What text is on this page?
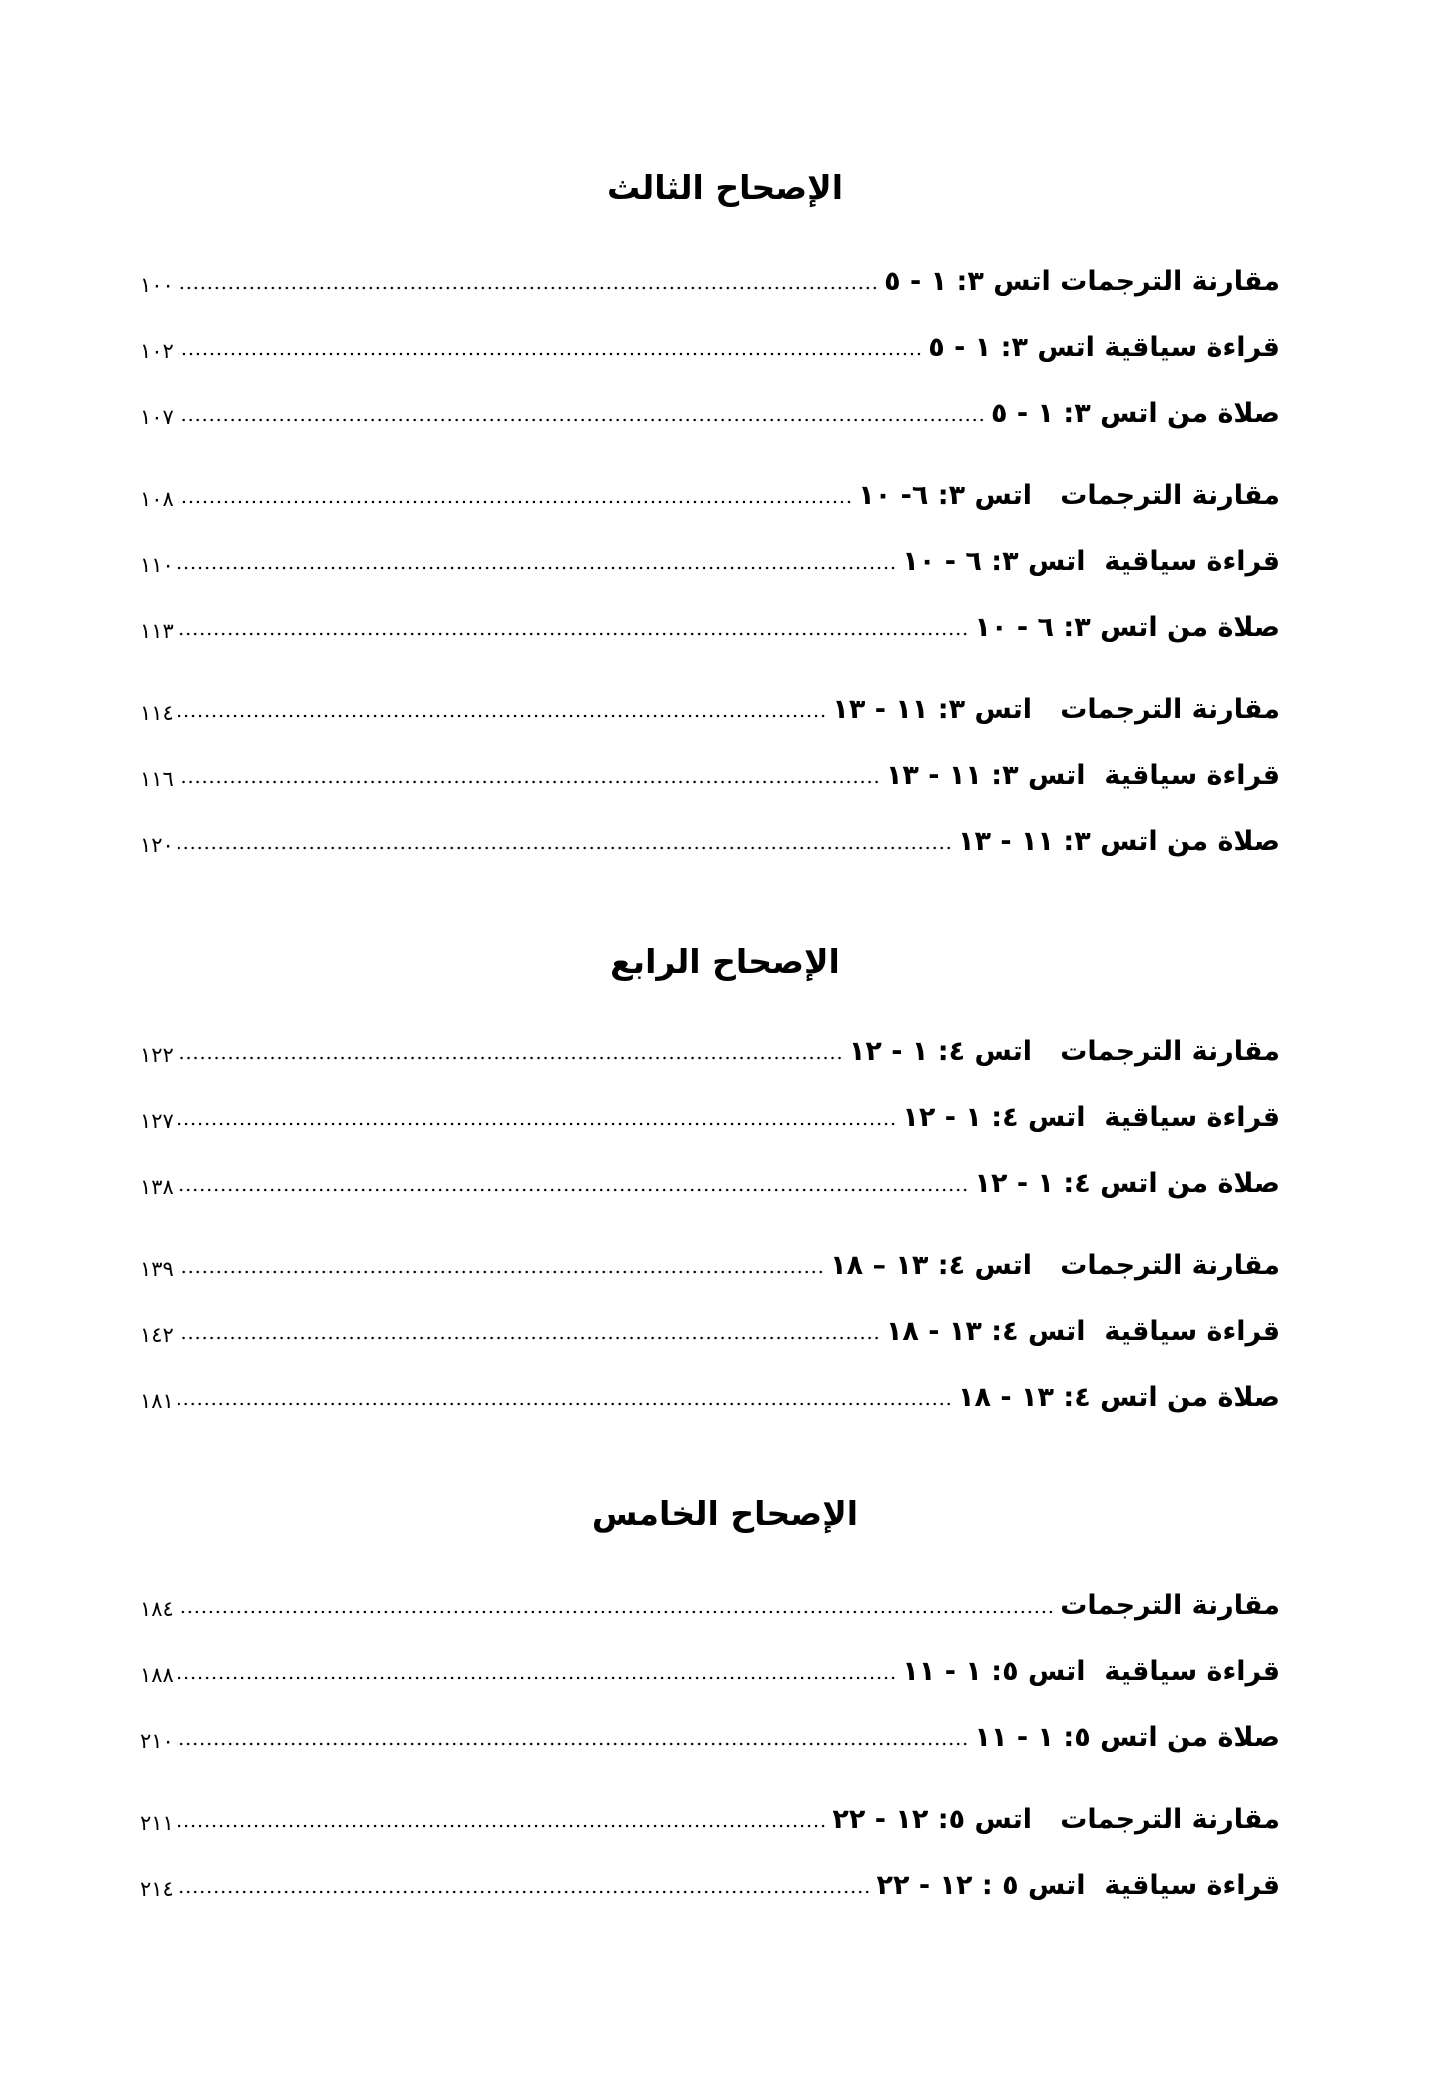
الإصحاح الثالث
مقارنة الترجمات اتس ٣: ١ - ٥
١٠٠
قراءة سياقية اتس ٣: ١ - ٥
١٠٢
صلاة من اتس ٣: ١ - ٥
١٠٧
مقارنة الترجمات   اتس ٣: ٦- ١٠
١٠٨
قراءة سياقية  اتس ٣: ٦ - ١٠
١١٠
صلاة من اتس ٣: ٦ - ١٠
١١٣
مقارنة الترجمات   اتس ٣: ١١ - ١٣
١١٤
قراءة سياقية  اتس ٣: ١١ - ١٣
١١٦
صلاة من اتس ٣: ١١ - ١٣
١٢٠
الإصحاح الرابع
مقارنة الترجمات   اتس ٤: ١ - ١٢
١٢٢
قراءة سياقية  اتس ٤: ١ - ١٢
١٢٧
صلاة من اتس ٤: ١ - ١٢
١٣٨
مقارنة الترجمات   اتس ٤: ١٣ – ١٨
١٣٩
قراءة سياقية  اتس ٤: ١٣ - ١٨
١٤٢
صلاة من اتس ٤: ١٣ - ١٨
١٨١
الإصحاح الخامس
مقارنة الترجمات
١٨٤
قراءة سياقية  اتس ٥: ١ - ١١
١٨٨
صلاة من اتس ٥: ١ - ١١
٢١٠
مقارنة الترجمات   اتس ٥: ١٢ - ٢٢
٢١١
قراءة سياقية  اتس ٥ : ١٢ - ٢٢
٢١٤
